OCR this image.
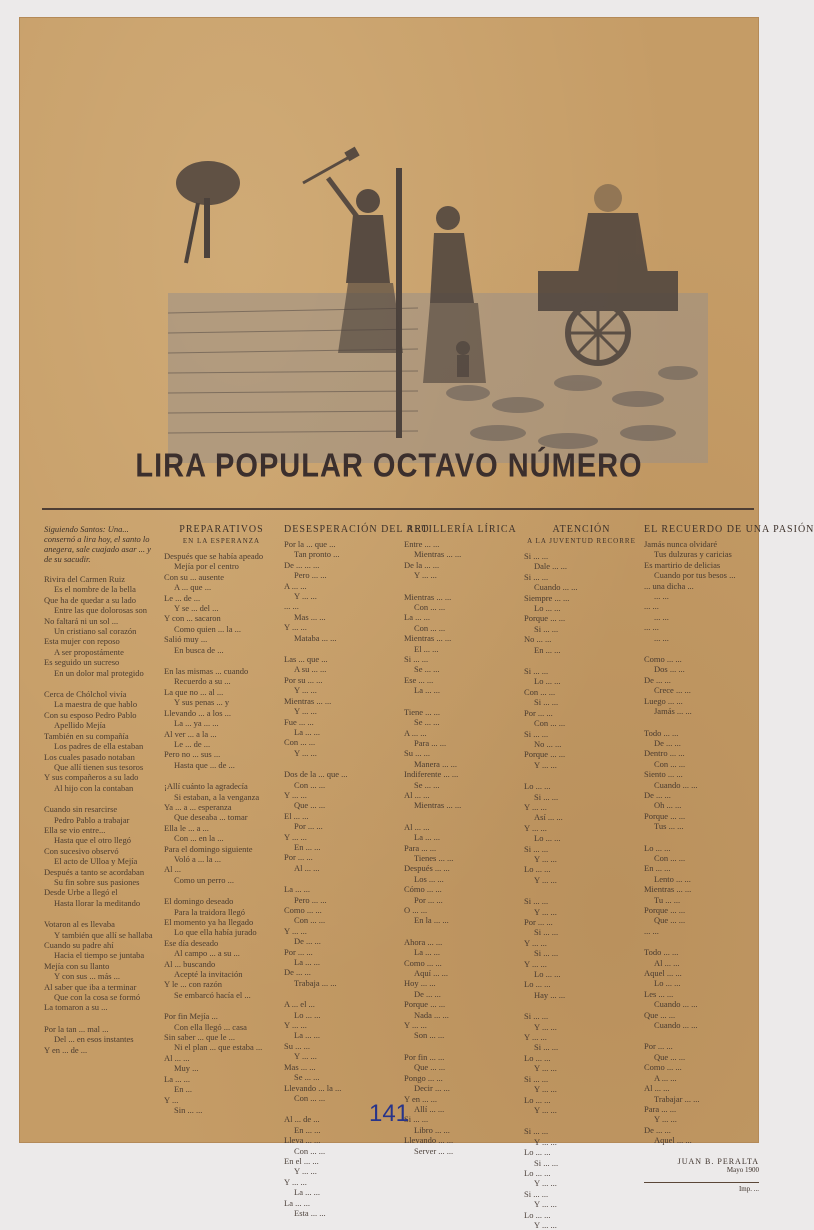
LIRA POPULAR OCTAVO NÚMERO
Siguiendo Santos: Una... consernó a lira hoy, el santo lo anegera, sale cuajado asar ... y de su sacudir.
Rivira del Carmen Ruiz
Es el nombre de la bella
Que ha de quedar a su lado
Entre las que dolorosas son
No faltará ni un sol ...
Un cristiano sal corazón
Esta mujer con reposo
A ser propostámente
Es seguido un sucreso
En un dolor mal protegido
Cerca de Chólchol vivía
La maestra de que hablo
Con su esposo Pedro Pablo
Apellido Mejía
También en su compañía
Los padres de ella estaban
Los cuales pasado notaban
Que allí tienen sus tesoros
Y sus compañeros a su lado
Al hijo con la contaban
Cuando sin resarcirse
Pedro Pablo a trabajar
Ella se vio entre...
Hasta que el otro llegó
Con sucesivo observó
El acto de Ulloa y Mejía
Después a tanto se acordaban
Su fin sobre sus pasiones
Desde Urbe a llegó el
Hasta llorar la meditando
Votaron al es llevaba
Y también que allí se hallaba
Cuando su padre ahí
Hacia el tiempo se juntaba
Mejía con su llanto
Y con sus ... más ...
Al saber que iba a terminar
Que con la cosa se formó
La tomaron a su ...
Por la tan ... mal ...
Del ... en esos instantes
Y en ... de ...
PREPARATIVOS
EN LA ESPERANZA
Después que se había apeado
Mejía por el centro
Con su ... ausente
A ... que ...
Le ... de ...
Y se ... del ...
Y con ... sacaron
Como quien ... la ...
Salió muy ...
En busca de ...
En las mismas ... cuando
Recuerdo a su ...
La que no ... al ...
Y sus penas ... y
Llevando ... a los ...
La ... ya ... ...
Al ver ... a la ...
Le ... de ...
Pero no ... sus ...
Hasta que ... de ...
¡Allí cuánto la agradecía
Si estaban, a la venganza
Ya ... a ... esperanza
Que deseaba ... tomar
Ella le ... a ...
Con ... en la ...
Para el domingo siguiente
Voló a ... la ...
Al ...
Como un perro ...
El domingo deseado
Para la traidora llegó
El momento ya ha llegado
Lo que ella había jurado
Ese día deseado
Al campo ... a su ...
Al ... buscando
Acepté la invitación
Y le ... con razón
Se embarcó hacía el ...
Por fin Mejía ...
Con ella llegó ... casa
Sin saber ... que le ...
Ni el plan ... que estaba ...
Al ... ...
Muy ...
La ... ...
En ...
Y ...
Sin ... ...
DESESPERACIÓN DEL REO
Por la ... que ...
Tan pronto ...
De ... ... ...
Pero ... ...
A ... ...
Y ... ...
... ...
Mas ... ...
Y ... ...
Mataba ... ...
Las ... que ...
A su ... ...
Por su ... ...
Y ... ...
Mientras ... ...
Y ... ...
Fue ... ...
La ... ...
Con ... ...
Y ... ...
Dos de la ... que ...
Con ... ...
Y ... ...
Que ... ...
El ... ...
Por ... ...
Y ... ...
En ... ...
Por ... ...
Al ... ...
La ... ...
Pero ... ...
Como ... ...
Con ... ...
Y ... ...
De ... ...
Por ... ...
La ... ...
De ... ...
Trabaja ... ...
A ... el ...
Lo ... ...
Y ... ...
La ... ...
Su ... ...
Y ... ...
Mas ... ...
Se ... ...
Llevando ... la ...
Con ... ...
Al ... de ...
En ... ...
Lleva ... ...
Con ... ...
En el ... ...
Y ... ...
Y ... ...
La ... ...
La ... ...
Esta ... ...
ARTILLERÍA LÍRICA
Entre ... ...
Mientras ... ...
De la ... ...
Y ... ...
Mientras ... ...
Con ... ...
La ... ...
Con ... ...
Mientras ... ...
El ... ...
Si ... ...
Se ... ...
Ese ... ...
La ... ...
Tiene ... ...
Se ... ...
A ... ...
Para ... ...
Su ... ...
Manera ... ...
Indiferente ... ...
Se ... ...
Al ... ...
Mientras ... ...
Al ... ...
La ... ...
Para ... ...
Tienes ... ...
Después ... ...
Los ... ...
Cómo ... ...
Por ... ...
O ... ...
En la ... ...
Ahora ... ...
La ... ...
Como ... ...
Aquí ... ...
Hoy ... ...
De ... ...
Porque ... ...
Nada ... ...
Y ... ...
Son ... ...
Por fin ... ...
Que ... ...
Pongo ... ...
Decir ... ...
Y en ... ...
Allí ... ...
Si ... ...
Libro ... ...
Llevando ... ...
Server ... ...
ATENCIÓN
A LA JUVENTUD RECORRE
Si ... ...
Dale ... ...
Si ... ...
Cuando ... ...
Siempre ... ...
Lo ... ...
Porque ... ...
Si ... ...
No ... ...
En ... ...
Si ... ...
Lo ... ...
Con ... ...
Si ... ...
Por ... ...
Con ... ...
Si ... ...
No ... ...
Porque ... ...
Y ... ...
Lo ... ...
Si ... ...
Y ... ...
Así ... ...
Y ... ...
Lo ... ...
Si ... ...
Y ... ...
Lo ... ...
Y ... ...
Si ... ...
Y ... ...
Por ... ...
Si ... ...
Y ... ...
Si ... ...
Y ... ...
Lo ... ...
Lo ... ...
Hay ... ...
Si ... ...
Y ... ...
Y ... ...
Si ... ...
Lo ... ...
Y ... ...
Si ... ...
Y ... ...
Lo ... ...
Y ... ...
Si ... ...
Y ... ...
Lo ... ...
Si ... ...
Lo ... ...
Y ... ...
Si ... ...
Y ... ...
Lo ... ...
Y ... ...
EL RECUERDO DE UNA PASIÓN
Jamás nunca olvidaré
Tus dulzuras y caricias
Es martirio de delicias
Cuando por tus besos ...
... una dicha ...
... ...
... ...
... ...
... ...
... ...
Como ... ...
Dos ... ...
De ... ...
Crece ... ...
Luego ... ...
Jamás ... ...
Todo ... ...
De ... ...
Dentro ... ...
Con ... ...
Siento ... ...
Cuando ... ...
De ... ...
Oh ... ...
Porque ... ...
Tus ... ...
Lo ... ...
Con ... ...
En ... ...
Lento ... ...
Mientras ... ...
Tu ... ...
Porque ... ...
Que ... ...
... ...
Todo ... ...
Al ... ...
Aquel ... ...
Lo ... ...
Les ... ...
Cuando ... ...
Que ... ...
Cuando ... ...
Por ... ...
Que ... ...
Como ... ...
A ... ...
Al ... ...
Trabajar ... ...
Para ... ...
Y ... ...
De ... ...
Aquel ... ...
JUAN B. PERALTA
Mayo 1900
Imp. ...
141
